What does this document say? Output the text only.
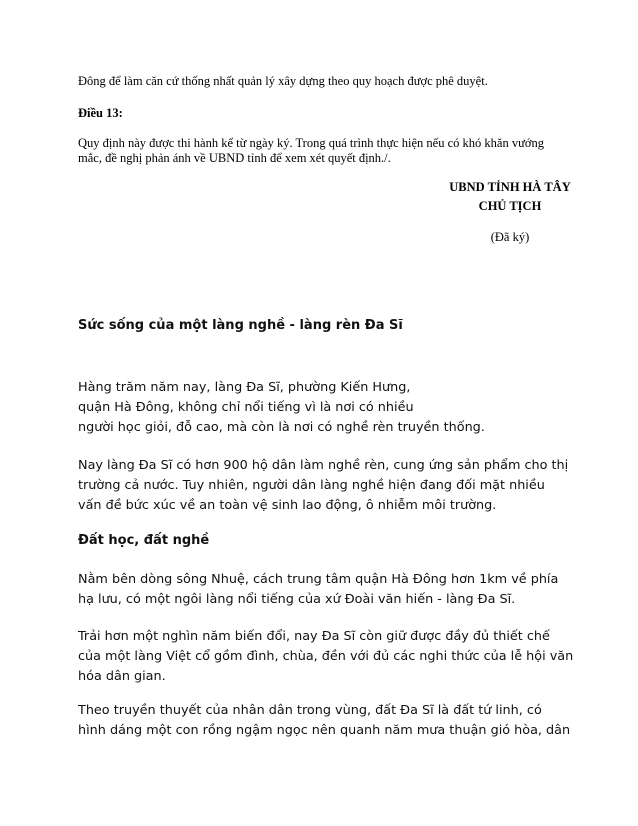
Đông để làm căn cứ thống nhất quản lý xây dựng theo quy hoạch được phê duyệt.
Điều 13:
Quy định này được thi hành kể từ ngày ký. Trong quá trình thực hiện nếu có khó khăn vướng mắc, đề nghị phản ánh về UBND tỉnh để xem xét quyết định./.
UBND TỈNH HÀ TÂY
CHỦ TỊCH
(Đã ký)
Sức sống của một làng nghề - làng rèn Đa Sĩ
Hàng trăm năm nay, làng Đa Sĩ, phường Kiến Hưng,
quận Hà Đông, không chỉ nổi tiếng vì là nơi có nhiều
người học giỏi, đỗ cao, mà còn là nơi có nghề rèn truyền thống.
Nay làng Đa Sĩ có hơn 900 hộ dân làm nghề rèn, cung ứng sản phẩm cho thị
trường cả nước. Tuy nhiên, người dân làng nghề hiện đang đối mặt nhiều
vấn đề bức xúc về an toàn vệ sinh lao động, ô nhiễm môi trường.
Đất học, đất nghề
Nằm bên dòng sông Nhuệ, cách trung tâm quận Hà Đông hơn 1km về phía
hạ lưu, có một ngôi làng nổi tiếng của xứ Đoài văn hiến - làng Đa Sĩ.
Trải hơn một nghìn năm biến đổi, nay Đa Sĩ còn giữ được đầy đủ thiết chế
của một làng Việt cổ gồm đình, chùa, đền với đủ các nghi thức của lễ hội văn
hóa dân gian.
Theo truyền thuyết của nhân dân trong vùng, đất Đa Sĩ là đất tứ linh, có
hình dáng một con rồng ngậm ngọc nên quanh năm mưa thuận gió hòa, dân
